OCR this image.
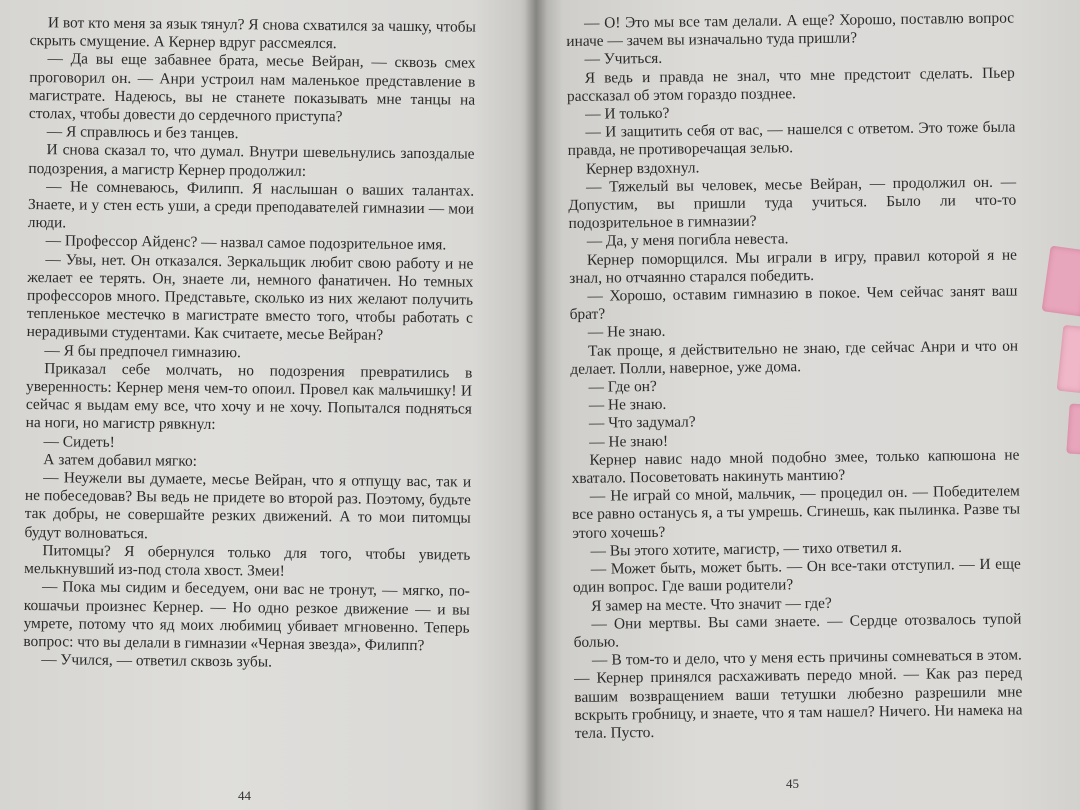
И вот кто меня за язык тянул? Я снова схватился за чашку, чтобы скрыть смущение. А Кернер вдруг рассмеялся.

— Да вы еще забавнее брата, месье Вейран, — сквозь смех проговорил он. — Анри устроил нам маленькое представление в магистрате. Надеюсь, вы не станете показывать мне танцы на столах, чтобы довести до сердечного приступа?

— Я справлюсь и без танцев.

И снова сказал то, что думал. Внутри шевельнулись запоздалые подозрения, а магистр Кернер продолжил:

— Не сомневаюсь, Филипп. Я наслышан о ваших талантах. Знаете, и у стен есть уши, а среди преподавателей гимназии — мои люди.

— Профессор Айденс? — назвал самое подозрительное имя.

— Увы, нет. Он отказался. Зеркальщик любит свою работу и не желает ее терять. Он, знаете ли, немного фанатичен. Но темных профессоров много. Представьте, сколько из них желают получить тепленькое местечко в магистрате вместо того, чтобы работать с нерадивыми студентами. Как считаете, месье Вейран?

— Я бы предпочел гимназию.

Приказал себе молчать, но подозрения превратились в уверенность: Кернер меня чем-то опоил. Провел как мальчишку! И сейчас я выдам ему все, что хочу и не хочу. Попытался подняться на ноги, но магистр рявкнул:

— Сидеть!

А затем добавил мягко:

— Неужели вы думаете, месье Вейран, что я отпущу вас, так и не побеседовав? Вы ведь не придете во второй раз. Поэтому, будьте так добры, не совершайте резких движений. А то мои питомцы будут волноваться.

Питомцы? Я обернулся только для того, чтобы увидеть мелькнувший из-под стола хвост. Змеи!

— Пока мы сидим и беседуем, они вас не тронут, — мягко, по-кошачьи произнес Кернер. — Но одно резкое движение — и вы умрете, потому что яд моих любимиц убивает мгновенно. Теперь вопрос: что вы делали в гимназии «Черная звезда», Филипп?

— Учился, — ответил сквозь зубы.

44

— О! Это мы все там делали. А еще? Хорошо, поставлю вопрос иначе — зачем вы изначально туда пришли?

— Учиться.

Я ведь и правда не знал, что мне предстоит сделать. Пьер рассказал об этом гораздо позднее.

— И только?

— И защитить себя от вас, — нашелся с ответом. Это тоже была правда, не противоречащая зелью.

Кернер вздохнул.

— Тяжелый вы человек, месье Вейран, — продолжил он. — Допустим, вы пришли туда учиться. Было ли что-то подозрительное в гимназии?

— Да, у меня погибла невеста.

Кернер поморщился. Мы играли в игру, правил которой я не знал, но отчаянно старался победить.

— Хорошо, оставим гимназию в покое. Чем сейчас занят ваш брат?

— Не знаю.

Так проще, я действительно не знаю, где сейчас Анри и что он делает. Полли, наверное, уже дома.

— Где он?

— Не знаю.

— Что задумал?

— Не знаю!

Кернер навис надо мной подобно змее, только капюшона не хватало. Посоветовать накинуть мантию?

— Не играй со мной, мальчик, — процедил он. — Победителем все равно останусь я, а ты умрешь. Сгинешь, как пылинка. Разве ты этого хочешь?

— Вы этого хотите, магистр, — тихо ответил я.

— Может быть, может быть. — Он все-таки отступил. — И еще один вопрос. Где ваши родители?

Я замер на месте. Что значит — где?

— Они мертвы. Вы сами знаете. — Сердце отозвалось тупой болью.

— В том-то и дело, что у меня есть причины сомневаться в этом. — Кернер принялся расхаживать передо мной. — Как раз перед вашим возвращением ваши тетушки любезно разрешили мне вскрыть гробницу, и знаете, что я там нашел? Ничего. Ни намека на тела. Пусто.

45
